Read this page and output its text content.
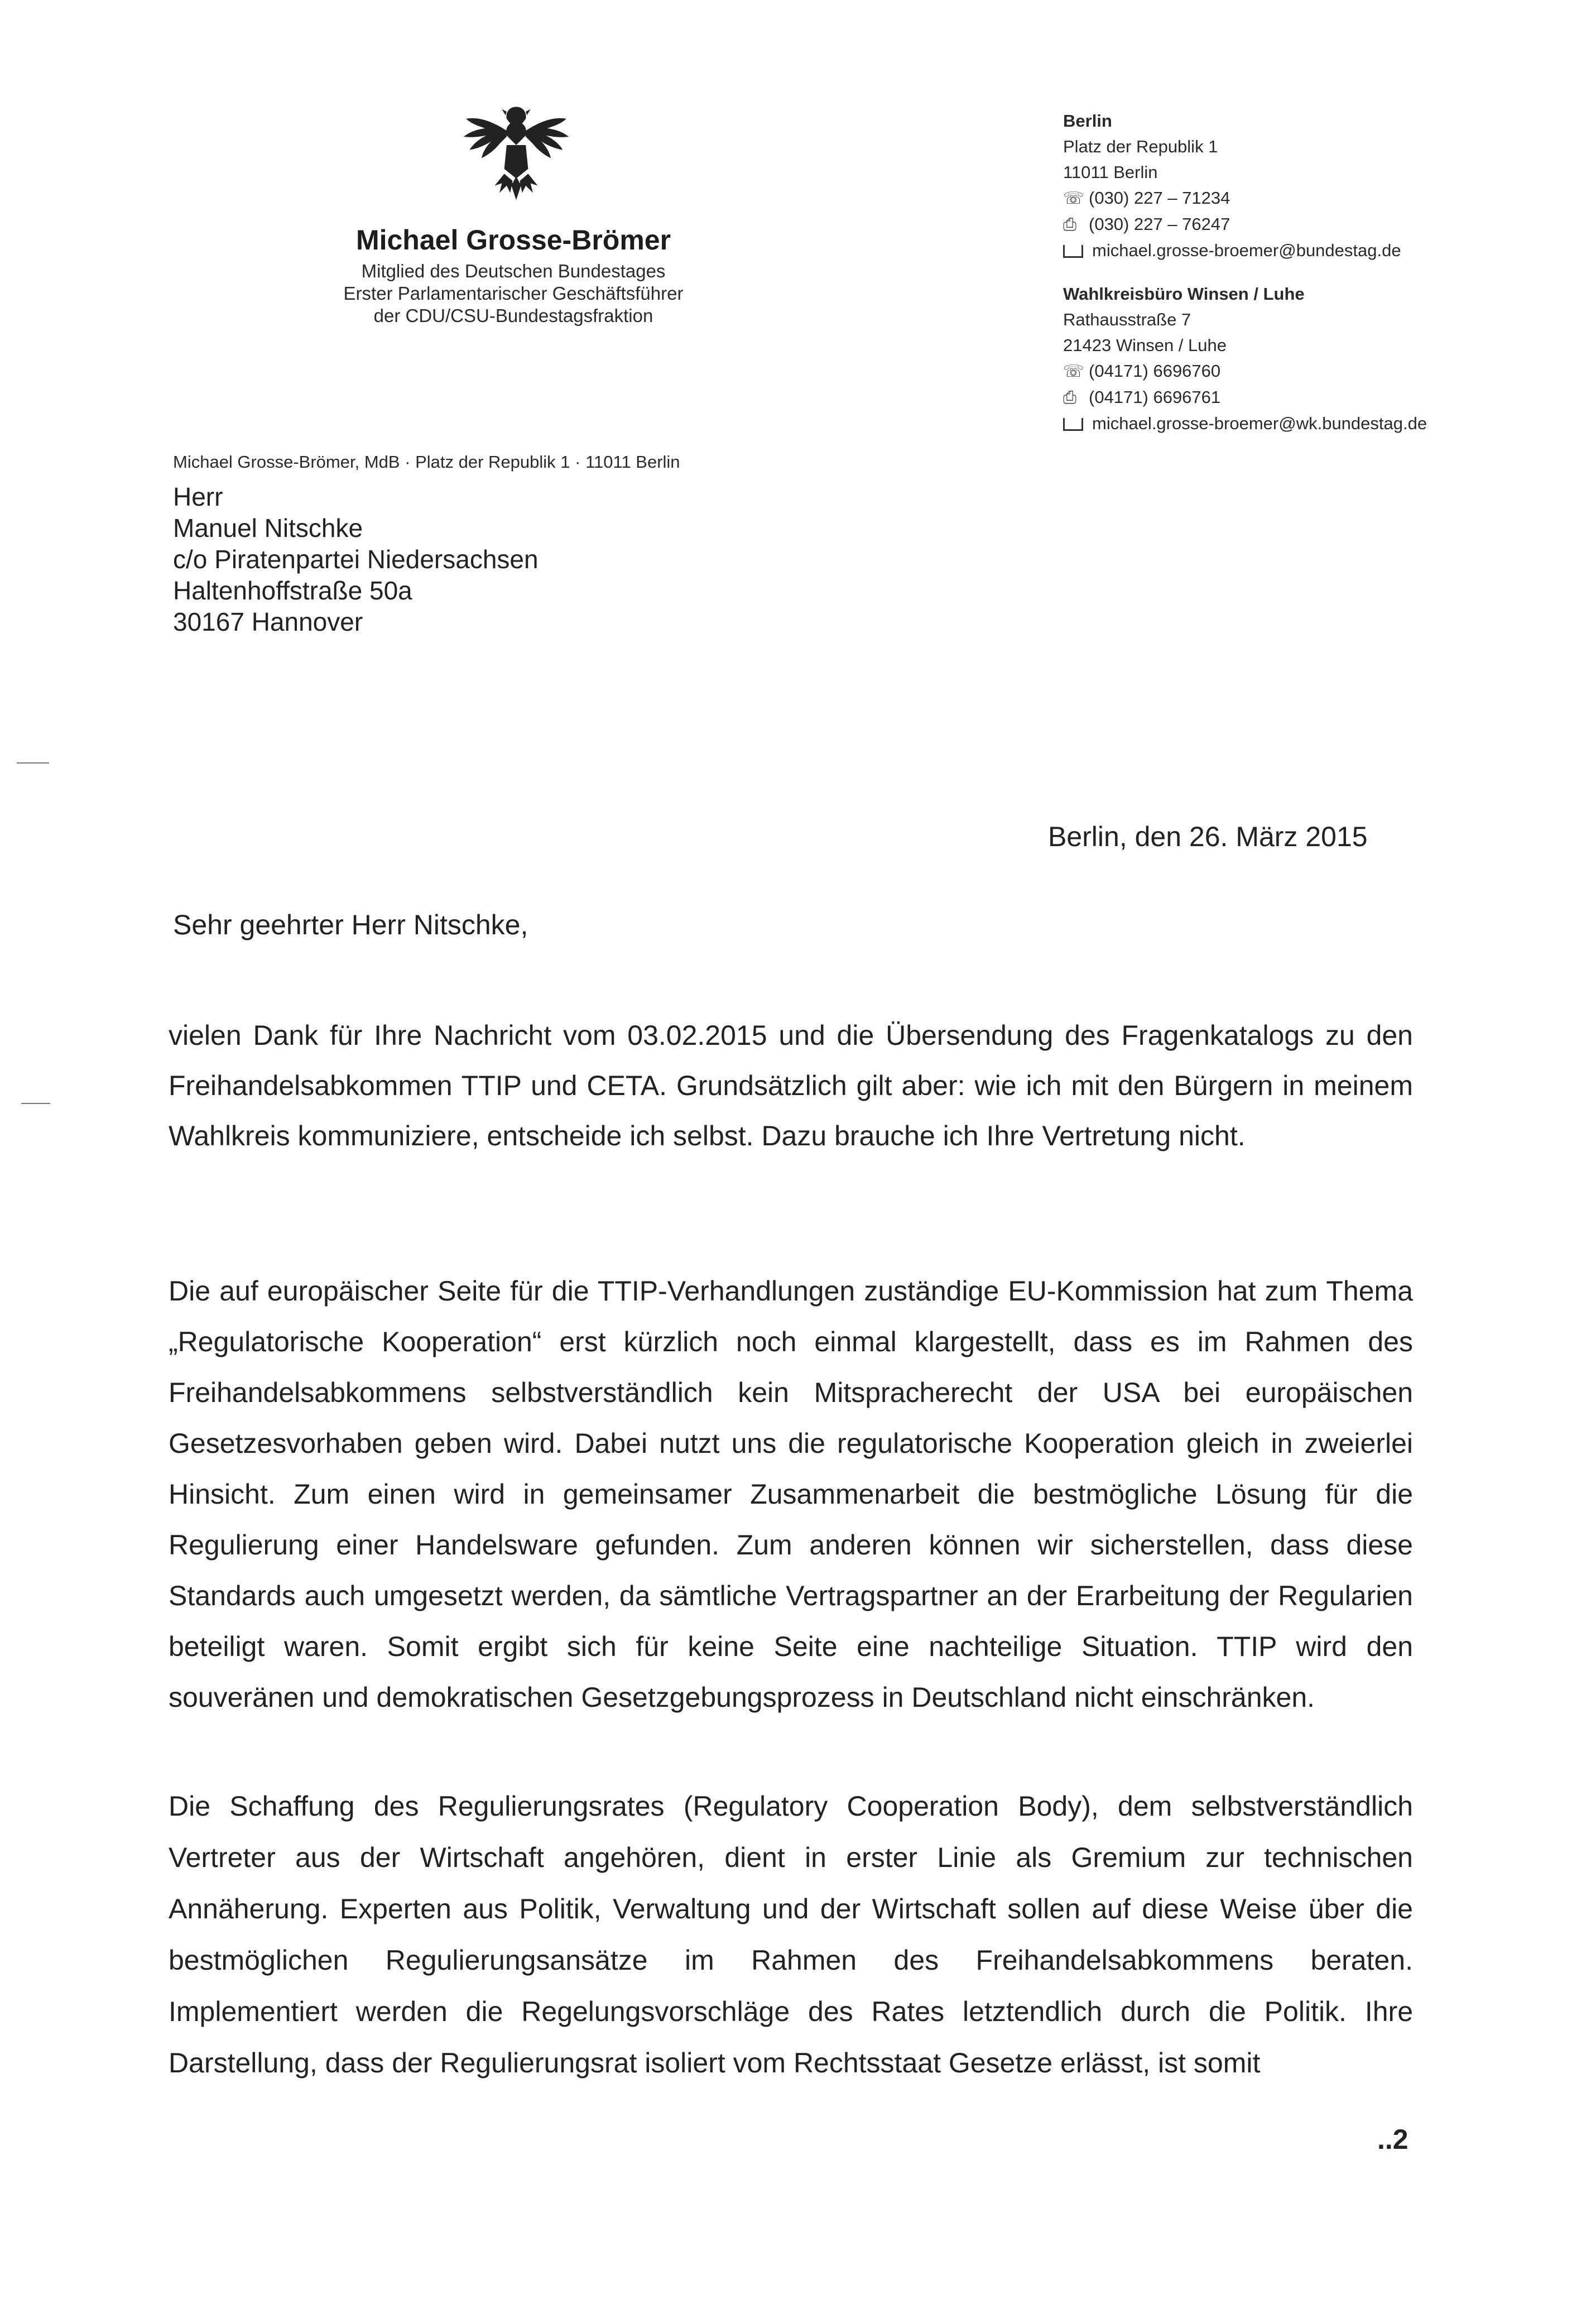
Michael Grosse-Brömer
Mitglied des Deutschen Bundestages
Erster Parlamentarischer Geschäftsführer
der CDU/CSU-Bundestagsfraktion
Berlin
Platz der Republik 1
11011 Berlin
☏ (030) 227 – 71234
⎙ (030) 227 – 76247
michael.grosse-broemer@bundestag.de
Wahlkreisbüro Winsen / Luhe
Rathausstraße 7
21423 Winsen / Luhe
☏ (04171) 6696760
⎙ (04171) 6696761
michael.grosse-broemer@wk.bundestag.de
Michael Grosse-Brömer, MdB · Platz der Republik 1 · 11011 Berlin
Herr
Manuel Nitschke
c/o Piratenpartei Niedersachsen
Haltenhoffstraße 50a
30167 Hannover
Berlin, den 26. März 2015
Sehr geehrter Herr Nitschke,
vielen Dank für Ihre Nachricht vom 03.02.2015 und die Übersendung des Fragenkatalogs zu den Freihandelsabkommen TTIP und CETA. Grundsätzlich gilt aber: wie ich mit den Bürgern in meinem Wahlkreis kommuniziere, entscheide ich selbst. Dazu brauche ich Ihre Vertretung nicht.
Die auf europäischer Seite für die TTIP-Verhandlungen zuständige EU-Kommission hat zum Thema „Regulatorische Kooperation“ erst kürzlich noch einmal klargestellt, dass es im Rahmen des Freihandelsabkommens selbstverständlich kein Mitspracherecht der USA bei europäischen Gesetzesvorhaben geben wird. Dabei nutzt uns die regulatorische Kooperation gleich in zweierlei Hinsicht. Zum einen wird in gemeinsamer Zusammenarbeit die bestmögliche Lösung für die Regulierung einer Handelsware gefunden. Zum anderen können wir sicherstellen, dass diese Standards auch umgesetzt werden, da sämtliche Vertragspartner an der Erarbeitung der Regularien beteiligt waren. Somit ergibt sich für keine Seite eine nachteilige Situation. TTIP wird den souveränen und demokratischen Gesetzgebungsprozess in Deutschland nicht einschränken.
Die Schaffung des Regulierungsrates (Regulatory Cooperation Body), dem selbstverständlich Vertreter aus der Wirtschaft angehören, dient in erster Linie als Gremium zur technischen Annäherung. Experten aus Politik, Verwaltung und der Wirtschaft sollen auf diese Weise über die bestmöglichen Regulierungsansätze im Rahmen des Freihandelsabkommens beraten. Implementiert werden die Regelungsvorschläge des Rates letztendlich durch die Politik. Ihre Darstellung, dass der Regulierungsrat isoliert vom Rechtsstaat Gesetze erlässt, ist somit
..2
